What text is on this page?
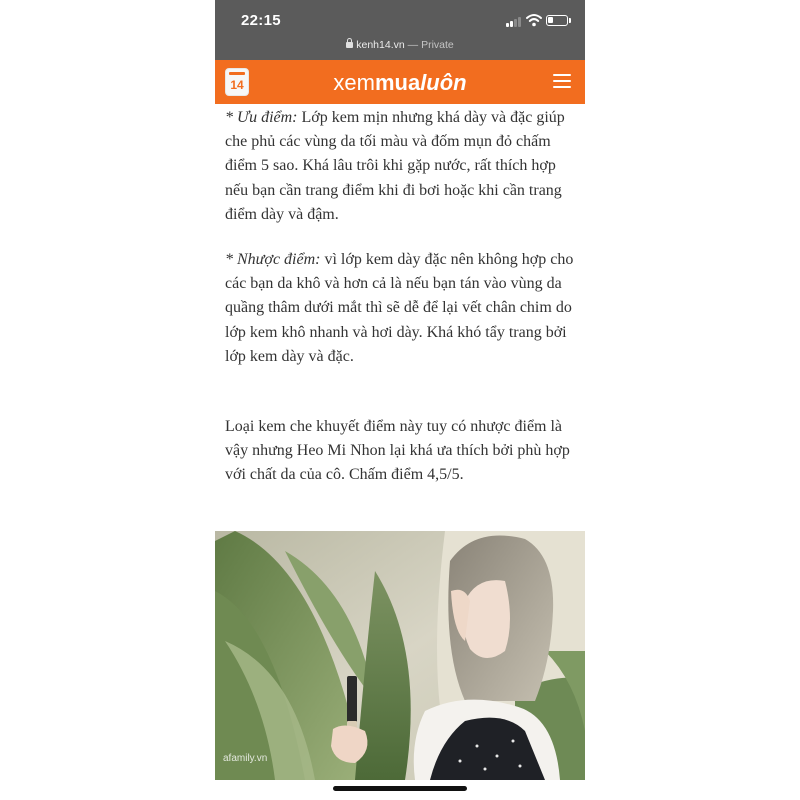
22:15
kenh14.vn — Private
14	xemmualuôn

* Ưu điểm: Lớp kem mịn nhưng khá dày và đặc giúp che phủ các vùng da tối màu và đốm mụn đỏ chấm điểm 5 sao. Khá lâu trôi khi gặp nước, rất thích hợp nếu bạn cần trang điểm khi đi bơi hoặc khi cần trang điểm dày và đậm.

* Nhược điểm: vì lớp kem dày đặc nên không hợp cho các bạn da khô và hơn cả là nếu bạn tán vào vùng da quầng thâm dưới mắt thì sẽ dễ để lại vết chân chim do lớp kem khô nhanh và hơi dày. Khá khó tẩy trang bởi lớp kem dày và đặc.

Loại kem che khuyết điểm này tuy có nhược điểm là vậy nhưng Heo Mi Nhon lại khá ưa thích bởi phù hợp với chất da của cô. Chấm điểm 4,5/5.

afamily.vn
